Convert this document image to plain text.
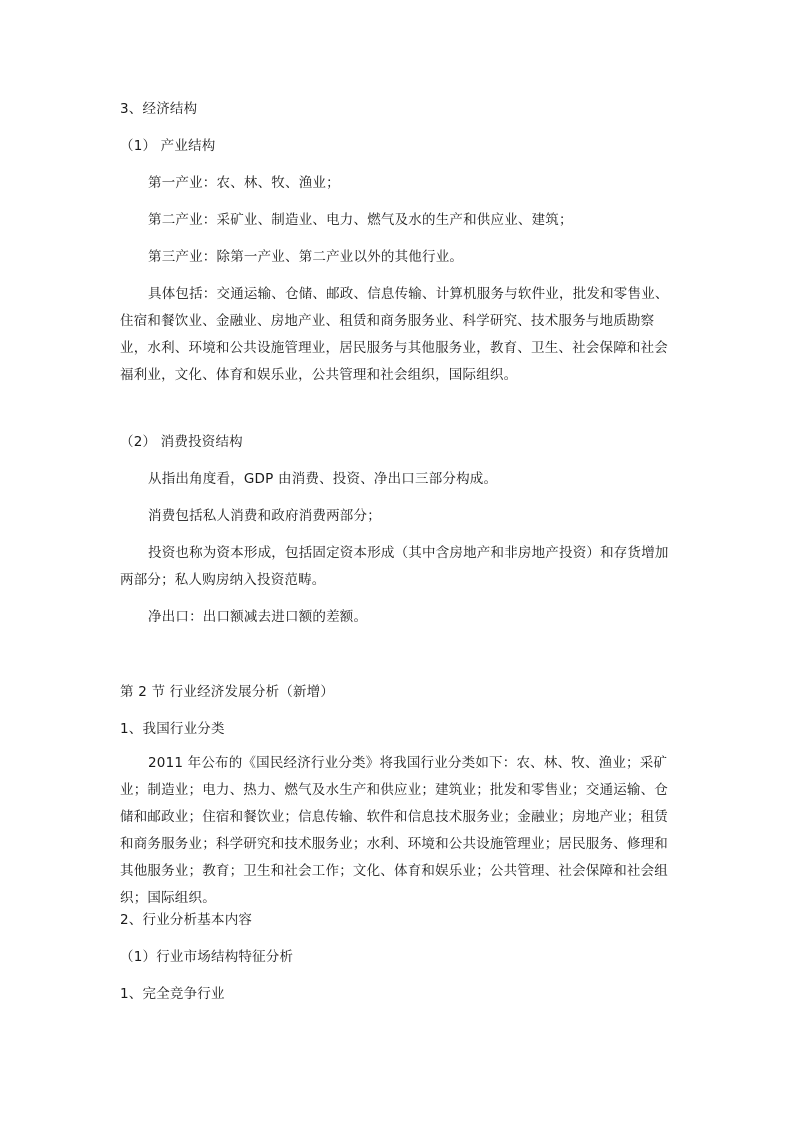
3、经济结构
（1） 产业结构
第一产业：农、林、牧、渔业；
第二产业：采矿业、制造业、电力、燃气及水的生产和供应业、建筑；
第三产业：除第一产业、第二产业以外的其他行业。
具体包括：交通运输、仓储、邮政、信息传输、计算机服务与软件业，批发和零售业、住宿和餐饮业、金融业、房地产业、租赁和商务服务业、科学研究、技术服务与地质勘察业，水利、环境和公共设施管理业，居民服务与其他服务业，教育、卫生、社会保障和社会福利业，文化、体育和娱乐业，公共管理和社会组织，国际组织。
（2） 消费投资结构
从指出角度看，GDP 由消费、投资、净出口三部分构成。
消费包括私人消费和政府消费两部分；
投资也称为资本形成，包括固定资本形成（其中含房地产和非房地产投资）和存货增加两部分；私人购房纳入投资范畴。
净出口：出口额减去进口额的差额。
第 2 节 行业经济发展分析（新增）
1、我国行业分类
2011 年公布的《国民经济行业分类》将我国行业分类如下：农、林、牧、渔业；采矿业；制造业；电力、热力、燃气及水生产和供应业；建筑业；批发和零售业；交通运输、仓储和邮政业；住宿和餐饮业；信息传输、软件和信息技术服务业；金融业；房地产业；租赁和商务服务业；科学研究和技术服务业；水利、环境和公共设施管理业；居民服务、修理和其他服务业；教育；卫生和社会工作；文化、体育和娱乐业；公共管理、社会保障和社会组织；国际组织。
2、行业分析基本内容
（1）行业市场结构特征分析
1、完全竞争行业
